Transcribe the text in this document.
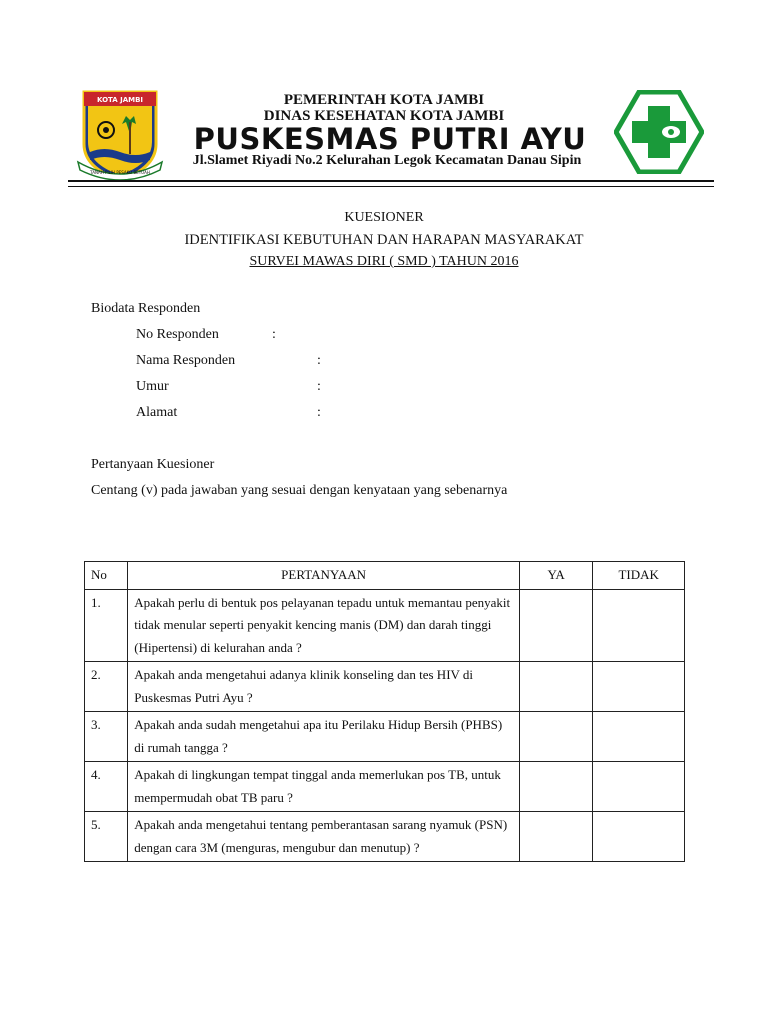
KOTA JAMBI
TANAH PILIH PESAKO BETUAH
PEMERINTAH KOTA JAMBI
DINAS KESEHATAN KOTA JAMBI
PUSKESMAS PUTRI AYU
Jl.Slamet Riyadi No.2 Kelurahan Legok Kecamatan Danau Sipin
KUESIONER
IDENTIFIKASI KEBUTUHAN DAN HARAPAN MASYARAKAT
SURVEI MAWAS DIRI ( SMD ) TAHUN 2016
Biodata Responden
No Responden	:
Nama Responden	:
Umur	:
Alamat	:
Pertanyaan Kuesioner
Centang (v) pada jawaban yang sesuai dengan kenyataan yang sebenarnya
No	PERTANYAAN	YA	TIDAK
1.	Apakah perlu di bentuk pos pelayanan tepadu untuk memantau penyakit tidak menular seperti penyakit kencing manis (DM) dan darah tinggi (Hipertensi) di kelurahan anda ?		
2.	Apakah anda mengetahui adanya klinik konseling dan tes HIV di Puskesmas Putri Ayu ?		
3.	Apakah anda sudah mengetahui apa itu Perilaku Hidup Bersih (PHBS) di rumah tangga ?		
4.	Apakah di lingkungan tempat tinggal anda memerlukan pos TB, untuk mempermudah obat TB paru ?		
5.	Apakah anda mengetahui tentang pemberantasan sarang nyamuk (PSN) dengan cara 3M (menguras, mengubur dan menutup) ?		
